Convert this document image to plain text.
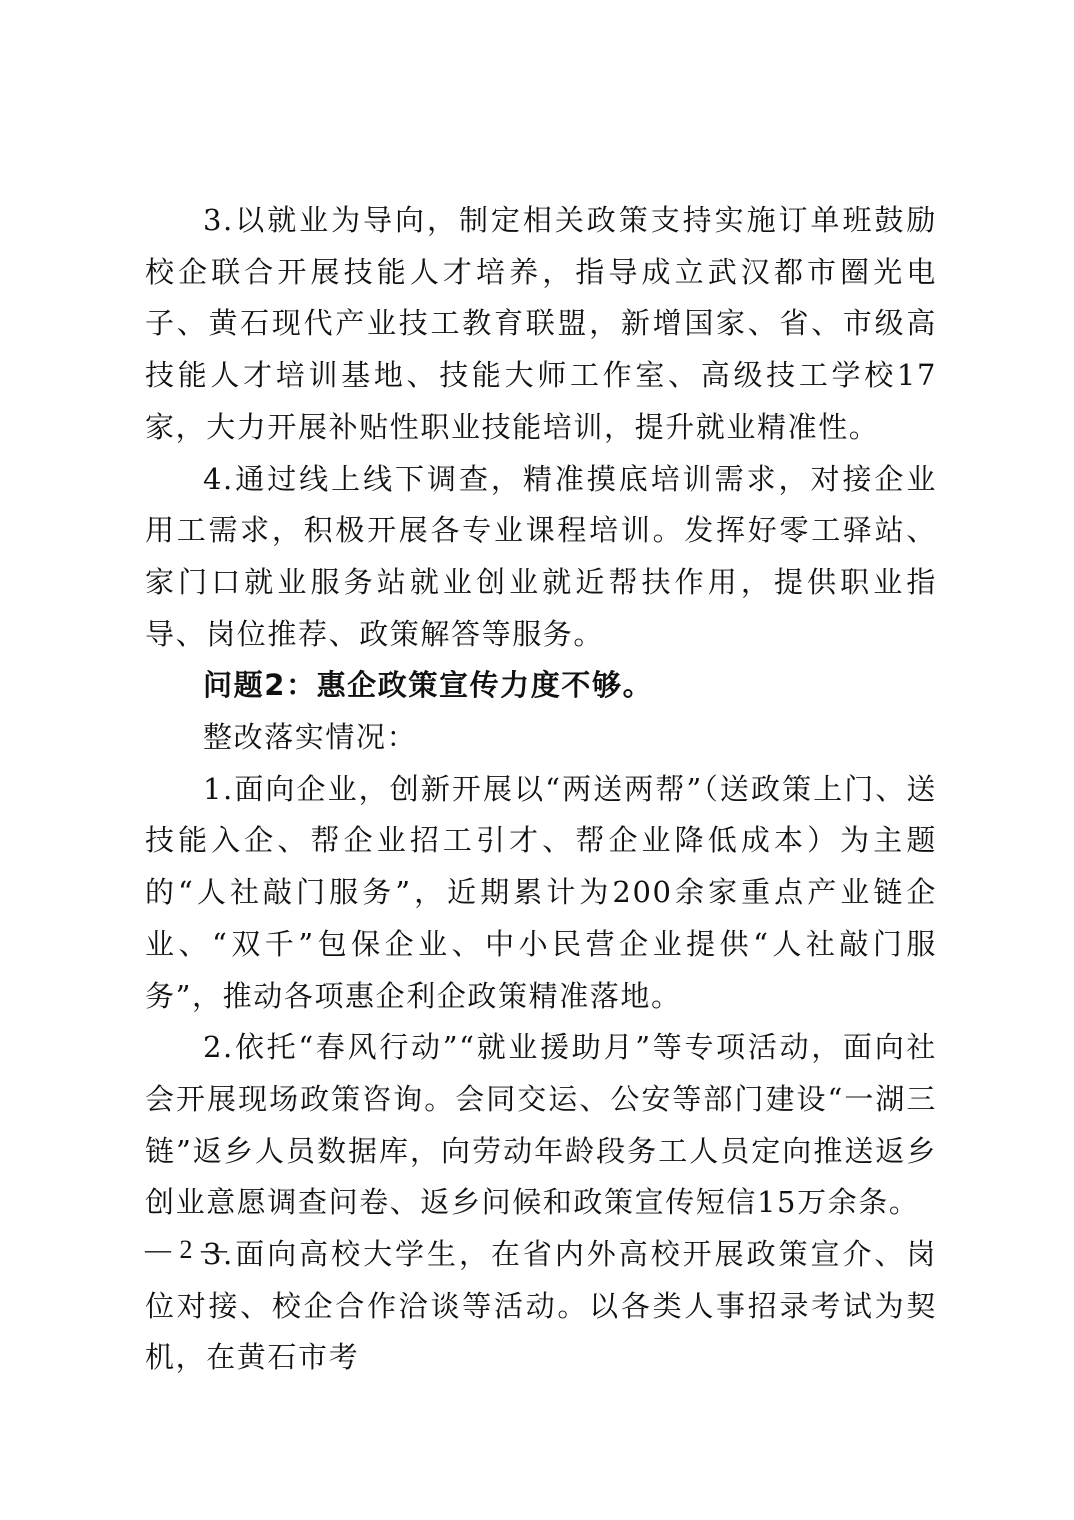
3.以就业为导向，制定相关政策支持实施订单班鼓励校企联合开展技能人才培养，指导成立武汉都市圈光电子、黄石现代产业技工教育联盟，新增国家、省、市级高技能人才培训基地、技能大师工作室、高级技工学校17家，大力开展补贴性职业技能培训，提升就业精准性。

4.通过线上线下调查，精准摸底培训需求，对接企业用工需求，积极开展各专业课程培训。发挥好零工驿站、家门口就业服务站就业创业就近帮扶作用，提供职业指导、岗位推荐、政策解答等服务。

问题2：惠企政策宣传力度不够。

整改落实情况：

1.面向企业，创新开展以“两送两帮”（送政策上门、送技能入企、帮企业招工引才、帮企业降低成本）为主题的“人社敲门服务”，近期累计为200余家重点产业链企业、“双千”包保企业、中小民营企业提供“人社敲门服务”，推动各项惠企利企政策精准落地。

2.依托“春风行动”“就业援助月”等专项活动，面向社会开展现场政策咨询。会同交运、公安等部门建设“一湖三链”返乡人员数据库，向劳动年龄段务工人员定向推送返乡创业意愿调查问卷、返乡问候和政策宣传短信15万余条。

3.面向高校大学生，在省内外高校开展政策宣介、岗位对接、校企合作洽谈等活动。以各类人事招录考试为契机，在黄石市考

— 2 —
